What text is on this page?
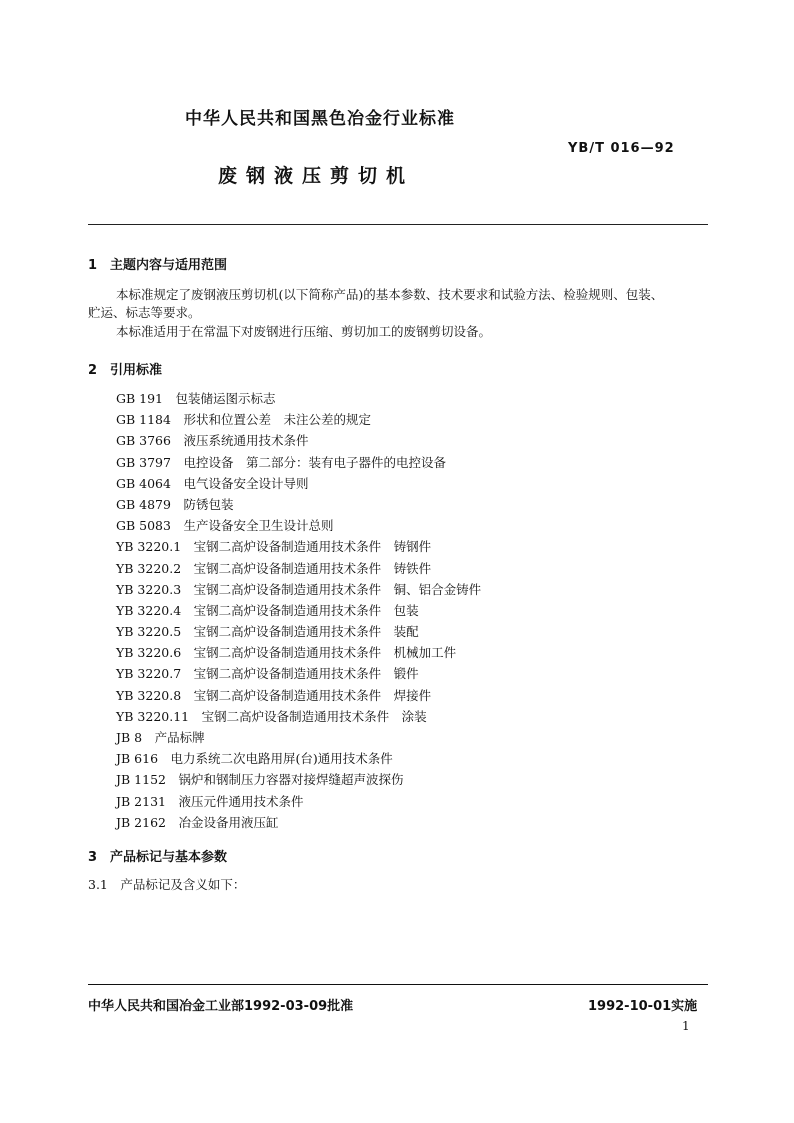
中华人民共和国黑色冶金行业标准
YB/T 016—92
废钢液压剪切机
1　主题内容与适用范围
本标准规定了废钢液压剪切机(以下简称产品)的基本参数、技术要求和试验方法、检验规则、包装、
贮运、标志等要求。
本标准适用于在常温下对废钢进行压缩、剪切加工的废钢剪切设备。
2　引用标准
GB 191　包装储运图示标志
GB 1184　形状和位置公差　未注公差的规定
GB 3766　液压系统通用技术条件
GB 3797　电控设备　第二部分：装有电子器件的电控设备
GB 4064　电气设备安全设计导则
GB 4879　防锈包装
GB 5083　生产设备安全卫生设计总则
YB 3220.1　宝钢二高炉设备制造通用技术条件　铸钢件
YB 3220.2　宝钢二高炉设备制造通用技术条件　铸铁件
YB 3220.3　宝钢二高炉设备制造通用技术条件　铜、铝合金铸件
YB 3220.4　宝钢二高炉设备制造通用技术条件　包装
YB 3220.5　宝钢二高炉设备制造通用技术条件　装配
YB 3220.6　宝钢二高炉设备制造通用技术条件　机械加工件
YB 3220.7　宝钢二高炉设备制造通用技术条件　锻件
YB 3220.8　宝钢二高炉设备制造通用技术条件　焊接件
YB 3220.11　宝钢二高炉设备制造通用技术条件　涂装
JB 8　产品标牌
JB 616　电力系统二次电路用屏(台)通用技术条件
JB 1152　锅炉和钢制压力容器对接焊缝超声波探伤
JB 2131　液压元件通用技术条件
JB 2162　冶金设备用液压缸
3　产品标记与基本参数
3.1　产品标记及含义如下：
中华人民共和国冶金工业部1992-03-09批准	1992-10-01实施
1
